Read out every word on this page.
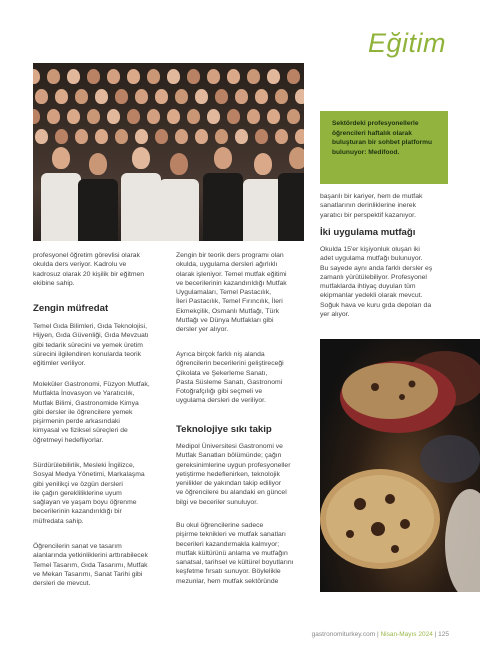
Eğitim
Sektördeki profesyonellerle
öğrencileri haftalık olarak
buluşturan bir sohbet platformu
bulunuyor: Medifood.
profesyonel öğretim görevlisi olarak
okulda ders veriyor. Kadrolu ve
kadrosuz olarak 20 kişilik bir eğitmen
ekibine sahip.
Zengin müfredat
Temel Gıda Bilimleri, Gıda Teknolojisi,
Hijyen, Gıda Güvenliği, Gıda Mevzuatı
gibi tedarik sürecini ve yemek üretim
sürecini ilgilendiren konularda teorik
eğitimler veriliyor.
Moleküler Gastronomi, Füzyon Mutfak,
Mutfakta İnovasyon ve Yaratıcılık,
Mutfak Bilimi, Gastronomide Kimya
gibi dersler ile öğrencilere yemek
pişirmenin perde arkasındaki
kimyasal ve fiziksel süreçleri de
öğretmeyi hedefliyorlar.
Sürdürülebilirlik, Mesleki İngilizce,
Sosyal Medya Yönetimi, Markalaşma
gibi yenilikçi ve özgün dersleri
ile çağın gerekliliklerine uyum
sağlayan ve yaşam boyu öğrenme
becerilerinin kazandırıldığı bir
müfredata sahip.
Öğrencilerin sanat ve tasarım
alanlarında yetkinliklerini arttırabilecek
Temel Tasarım, Gıda Tasarımı, Mutfak
ve Mekan Tasarımı, Sanat Tarihi gibi
dersleri de mevcut.
Zengin bir teorik ders programı olan
okulda, uygulama dersleri ağırlıklı
olarak işleniyor. Temel mutfak eğitimi
ve becerilerinin kazandırıldığı Mutfak
Uygulamaları, Temel Pastacılık,
İleri Pastacılık, Temel Fırıncılık, İleri
Ekmekçilik, Osmanlı Mutfağı, Türk
Mutfağı ve Dünya Mutfakları gibi
dersler yer alıyor.
Ayrıca birçok farklı niş alanda
öğrencilerin becerilerini geliştireceği
Çikolata ve Şekerleme Sanatı,
Pasta Süsleme Sanatı, Gastronomi
Fotoğrafçılığı gibi seçmeli ve
uygulama dersleri de veriliyor.
Teknolojiye sıkı takip
Medipol Üniversitesi Gastronomi ve
Mutfak Sanatları bölümünde; çağın
gereksinimlerine uygun profesyoneller
yetiştirme hedeflenirken, teknolojik
yenilikler de yakından takip ediliyor
ve öğrencilere bu alandaki en güncel
bilgi ve beceriler sunuluyor.
Bu okul öğrencilerine sadece
pişirme teknikleri ve mutfak sanatları
becerileri kazandırmakla kalmıyor;
mutfak kültürünü anlama ve mutfağın
sanatsal, tarihsel ve kültürel boyutlarını
keşfetme fırsatı sunuyor. Böylelikle
mezunlar, hem mutfak sektöründe
başarılı bir kariyer, hem de mutfak
sanatlarının derinliklerine inerek
yaratıcı bir perspektif kazanıyor.
İki uygulama mutfağı
Okulda 15'er kişiyonluk oluşan iki
adet uygulama mutfağı bulunuyor.
Bu sayede aynı anda farklı dersler eş
zamanlı yürütülebiliyor. Profesyonel
mutfaklarda ihtiyaç duyulan tüm
ekipmanlar yedekli olarak mevcut.
Soğuk hava ve kuru gıda depoları da
yer alıyor.
gastronomiturkey.com | Nisan-Mayıs 2024 | 125
